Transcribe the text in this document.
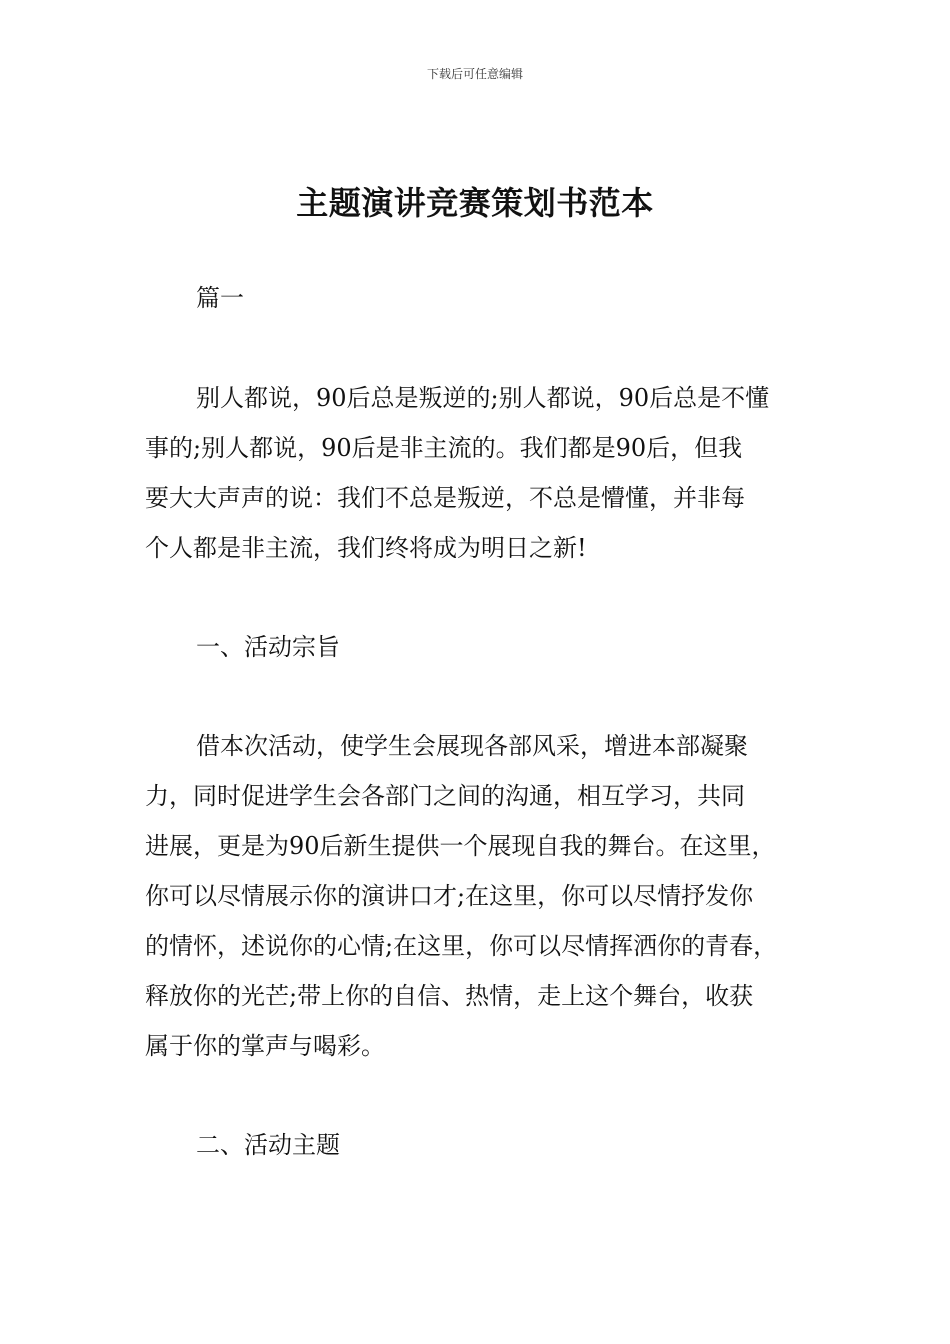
下载后可任意编辑
主题演讲竞赛策划书范本
篇一
别人都说，90后总是叛逆的;别人都说，90后总是不懂
事的;别人都说，90后是非主流的。我们都是90后，但我
要大大声声的说：我们不总是叛逆，不总是懵懂，并非每
个人都是非主流，我们终将成为明日之新!
一、活动宗旨
借本次活动，使学生会展现各部风采，增进本部凝聚
力，同时促进学生会各部门之间的沟通，相互学习，共同
进展，更是为90后新生提供一个展现自我的舞台。在这里，
你可以尽情展示你的演讲口才;在这里，你可以尽情抒发你
的情怀，述说你的心情;在这里，你可以尽情挥洒你的青春，
释放你的光芒;带上你的自信、热情，走上这个舞台，收获
属于你的掌声与喝彩。
二、活动主题
